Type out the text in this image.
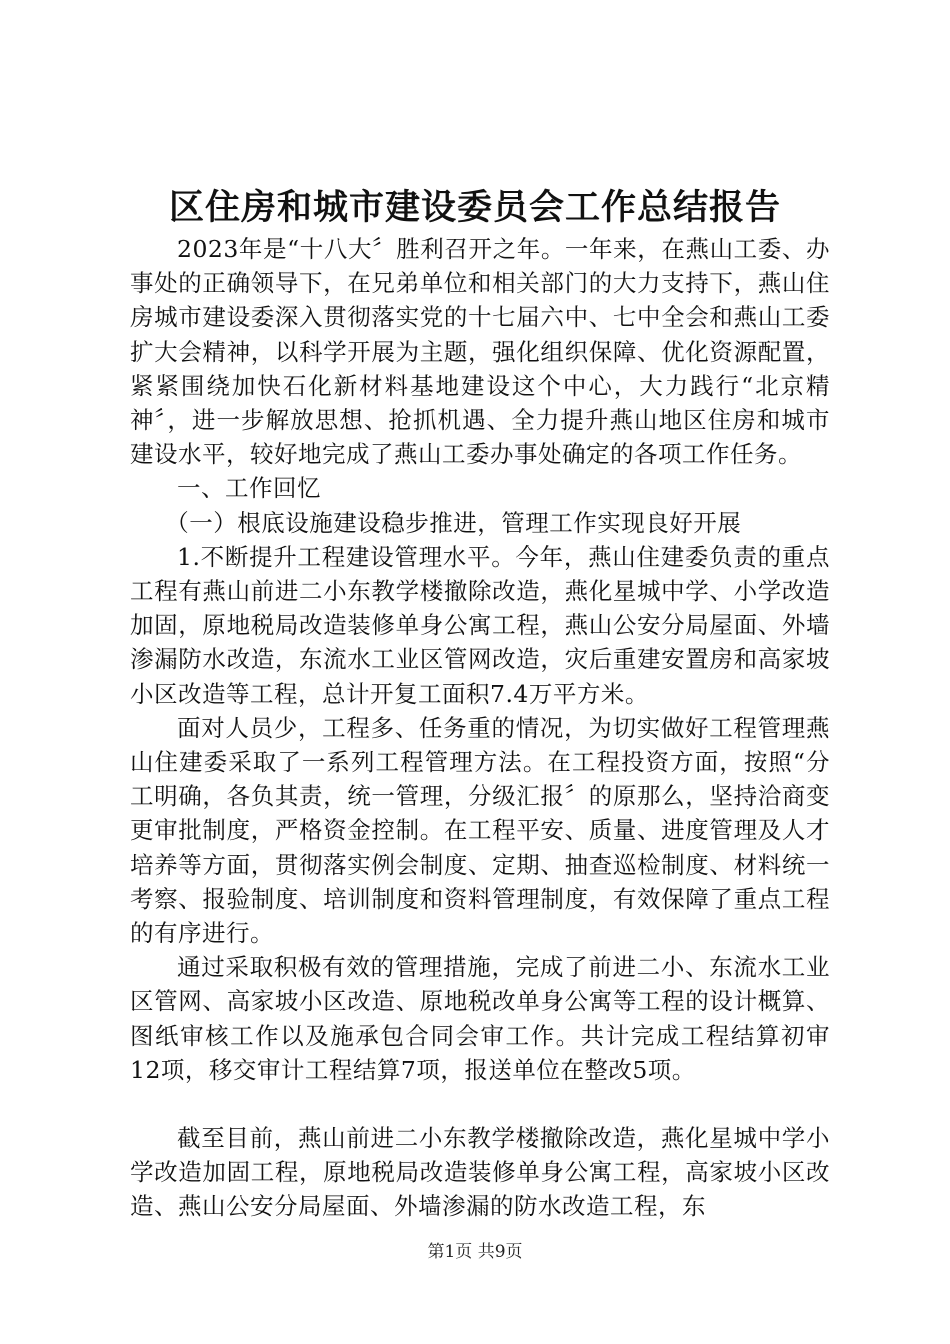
区住房和城市建设委员会工作总结报告

2023年是“十八大〞胜利召开之年。一年来，在燕山工委、办事处的正确领导下，在兄弟单位和相关部门的大力支持下，燕山住房城市建设委深入贯彻落实党的十七届六中、七中全会和燕山工委扩大会精神，以科学开展为主题，强化组织保障、优化资源配置，紧紧围绕加快石化新材料基地建设这个中心，大力践行“北京精神〞，进一步解放思想、抢抓机遇、全力提升燕山地区住房和城市建设水平，较好地完成了燕山工委办事处确定的各项工作任务。

一、工作回忆

（一）根底设施建设稳步推进，管理工作实现良好开展

1.不断提升工程建设管理水平。今年，燕山住建委负责的重点工程有燕山前进二小东教学楼撤除改造，燕化星城中学、小学改造加固，原地税局改造装修单身公寓工程，燕山公安分局屋面、外墙渗漏防水改造，东流水工业区管网改造，灾后重建安置房和高家坡小区改造等工程，总计开复工面积7.4万平方米。

面对人员少，工程多、任务重的情况，为切实做好工程管理燕山住建委采取了一系列工程管理方法。在工程投资方面，按照“分工明确，各负其责，统一管理，分级汇报〞的原那么，坚持洽商变更审批制度，严格资金控制。在工程平安、质量、进度管理及人才培养等方面，贯彻落实例会制度、定期、抽查巡检制度、材料统一考察、报验制度、培训制度和资料管理制度，有效保障了重点工程的有序进行。

通过采取积极有效的管理措施，完成了前进二小、东流水工业区管网、高家坡小区改造、原地税改单身公寓等工程的设计概算、图纸审核工作以及施承包合同会审工作。共计完成工程结算初审12项，移交审计工程结算7项，报送单位在整改5项。

截至目前，燕山前进二小东教学楼撤除改造，燕化星城中学小学改造加固工程，原地税局改造装修单身公寓工程，高家坡小区改造、燕山公安分局屋面、外墙渗漏的防水改造工程，东

第1页 共9页
